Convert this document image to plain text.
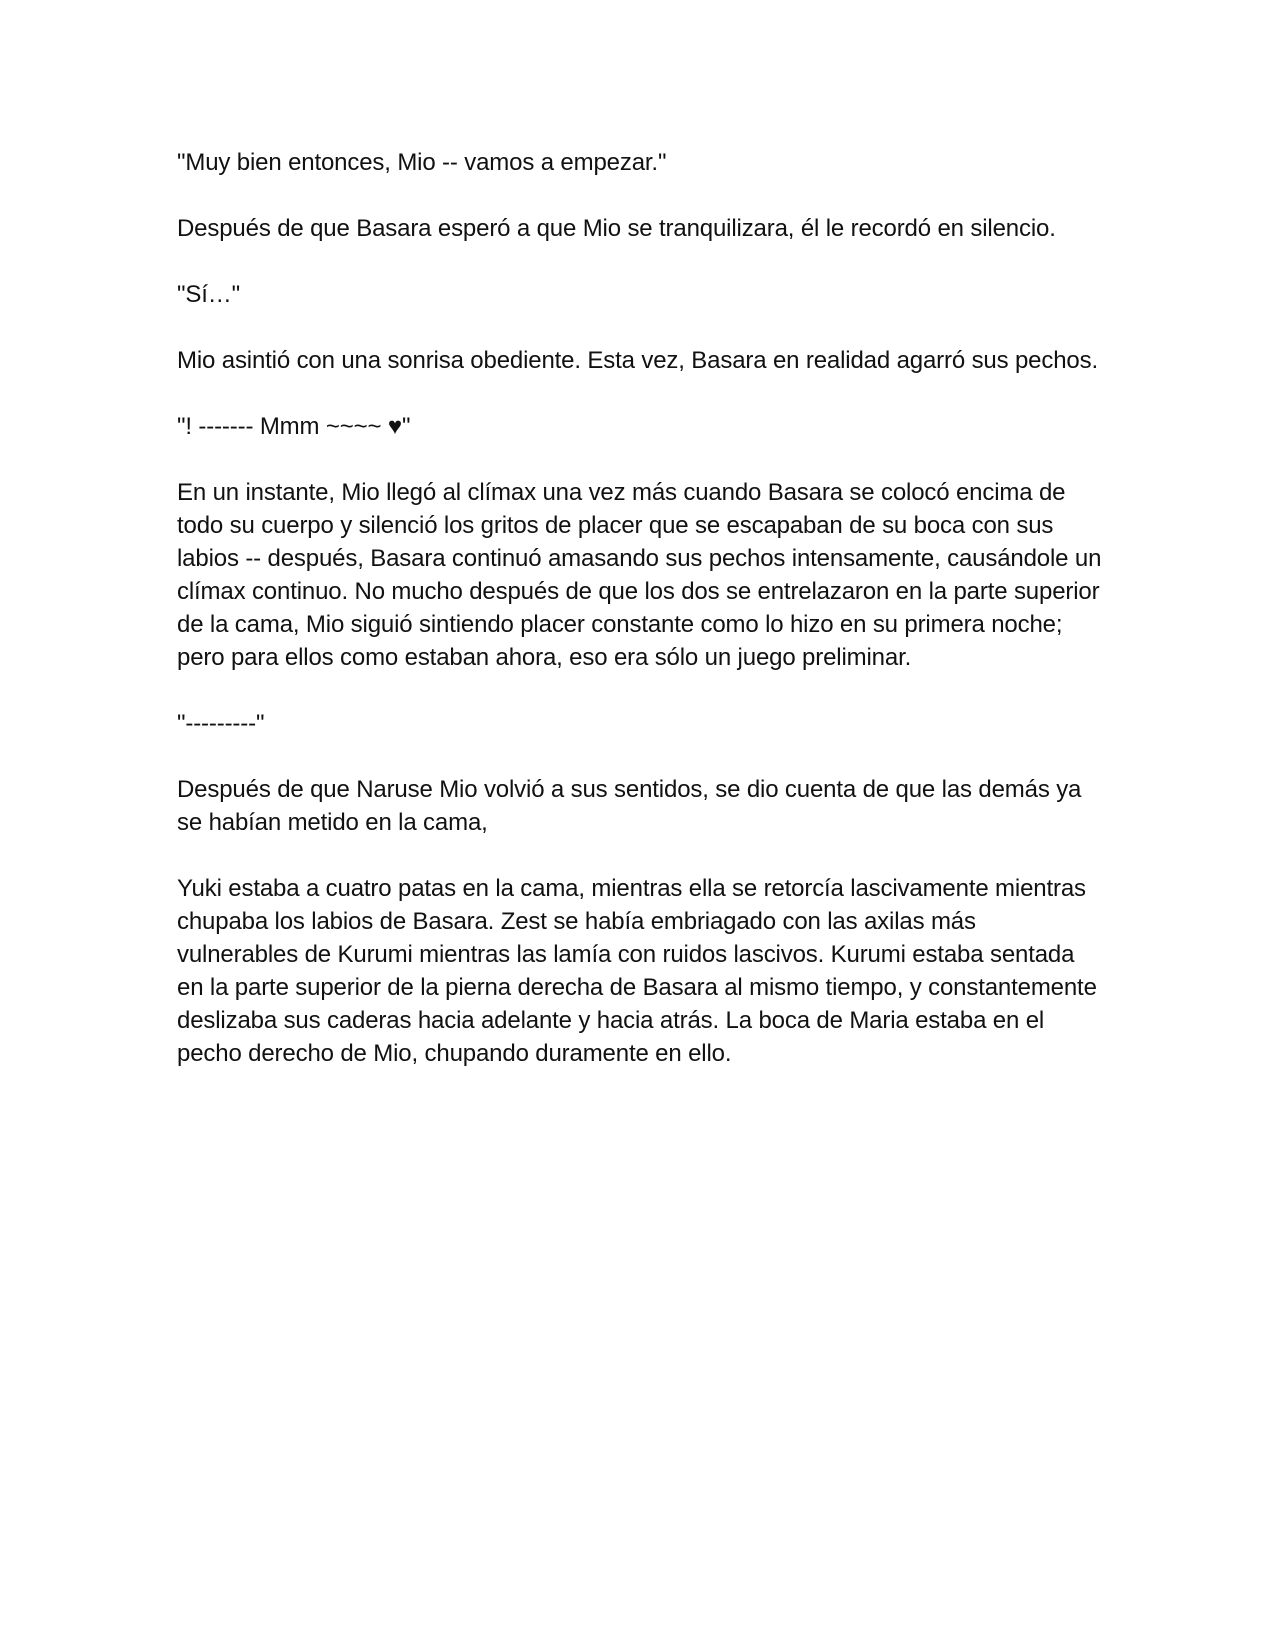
"Muy bien entonces, Mio -- vamos a empezar."

Después de que Basara esperó a que Mio se tranquilizara, él le recordó en silencio.

"Sí…"

Mio asintió con una sonrisa obediente. Esta vez, Basara en realidad agarró sus pechos.

"! ------- Mmm ~~~~ ♥"

En un instante, Mio llegó al clímax una vez más cuando Basara se colocó encima de todo su cuerpo y silenció los gritos de placer que se escapaban de su boca con sus labios -- después, Basara continuó amasando sus pechos intensamente, causándole un clímax continuo. No mucho después de que los dos se entrelazaron en la parte superior de la cama, Mio siguió sintiendo placer constante como lo hizo en su primera noche; pero para ellos como estaban ahora, eso era sólo un juego preliminar.

"---------"

Después de que Naruse Mio volvió a sus sentidos, se dio cuenta de que las demás ya se habían metido en la cama,

Yuki estaba a cuatro patas en la cama, mientras ella se retorcía lascivamente mientras chupaba los labios de Basara. Zest se había embriagado con las axilas más vulnerables de Kurumi mientras las lamía con ruidos lascivos. Kurumi estaba sentada en la parte superior de la pierna derecha de Basara al mismo tiempo, y constantemente deslizaba sus caderas hacia adelante y hacia atrás. La boca de Maria estaba en el pecho derecho de Mio, chupando duramente en ello.
